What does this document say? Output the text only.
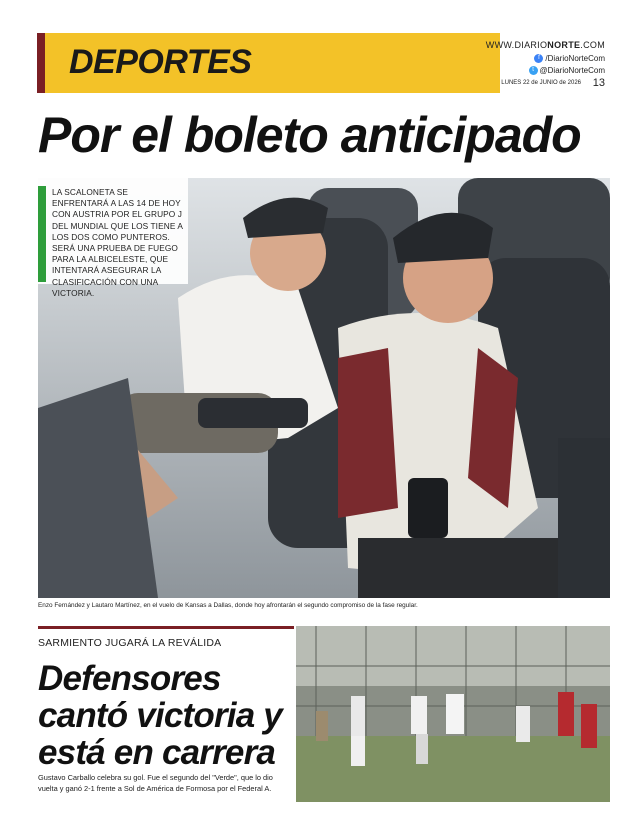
DEPORTES	WWW.DIARIONORTE.COM
f /DiarioNorteCom
t @DiarioNorteCom
LUNES 22 de JUNIO de 2026 13
Por el boleto anticipado
LA SCALONETA SE ENFRENTARÁ A LAS 14 DE HOY CON AUSTRIA POR EL GRUPO J DEL MUNDIAL QUE LOS TIENE A LOS DOS COMO PUNTEROS. SERÁ UNA PRUEBA DE FUEGO PARA LA ALBICELESTE, QUE INTENTARÁ ASEGURAR LA CLASIFICACIÓN CON UNA VICTORIA.
Enzo Fernández y Lautaro Martínez, en el vuelo de Kansas a Dallas, donde hoy afrontarán el segundo compromiso de la fase regular.
SARMIENTO JUGARÁ LA REVÁLIDA
Defensores
cantó victoria y
está en carrera
Gustavo Carballo celebra su gol. Fue el segundo del "Verde", que lo dio vuelta y ganó 2-1 frente a Sol de América de Formosa por el Federal A.
